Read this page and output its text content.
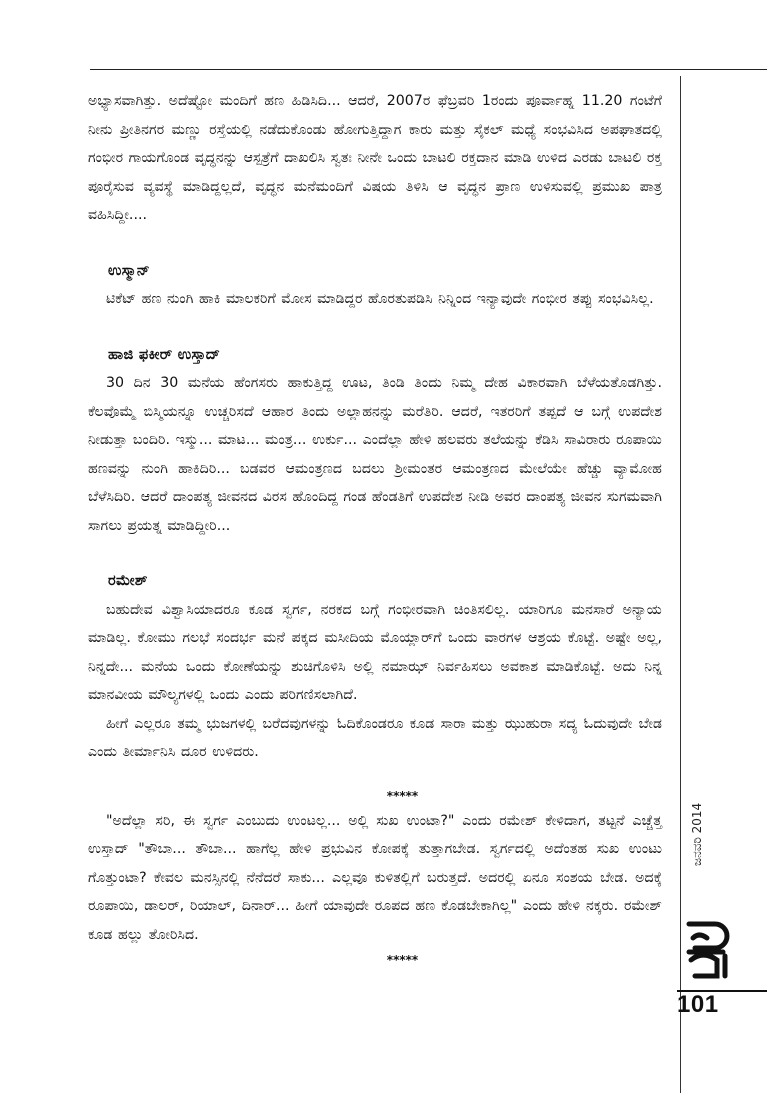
ಅಭ್ಯಾಸವಾಗಿತ್ತು. ಅದೆಷ್ಟೋ ಮಂದಿಗೆ ಹಣ ಹಿಡಿಸಿದಿ... ಆದರೆ, 2007ರ ಫೆಬ್ರವರಿ 1ರಂದು ಪೂರ್ವಾಹ್ನ 11.20 ಗಂಟೆಗೆ ನೀನು ಪ್ರೀತಿನಗರ ಮಣ್ಣು ರಸ್ತೆಯಲ್ಲಿ ನಡೆದುಕೊಂಡು ಹೋಗುತ್ತಿದ್ದಾಗ ಕಾರು ಮತ್ತು ಸೈಕಲ್ ಮಧ್ಯೆ ಸಂಭವಿಸಿದ ಅಪಘಾತದಲ್ಲಿ ಗಂಭೀರ ಗಾಯಗೊಂಡ ವೃದ್ಧನನ್ನು ಆಸ್ಪತ್ರೆಗೆ ದಾಖಲಿಸಿ ಸ್ವತಃ ನೀನೇ ಒಂದು ಬಾಟಲಿ ರಕ್ತದಾನ ಮಾಡಿ ಉಳಿದ ಎರಡು ಬಾಟಲಿ ರಕ್ತ ಪೂರೈಸುವ ವ್ಯವಸ್ಥೆ ಮಾಡಿದ್ದಲ್ಲದೆ, ವೃದ್ಧನ ಮನೆಮಂದಿಗೆ ವಿಷಯ ತಿಳಿಸಿ ಆ ವೃದ್ಧನ ಪ್ರಾಣ ಉಳಿಸುವಲ್ಲಿ ಪ್ರಮುಖ ಪಾತ್ರ ವಹಿಸಿದ್ದೀ....

ಉಸ್ಮಾನ್

ಟಿಕೆಟ್ ಹಣ ನುಂಗಿ ಹಾಕಿ ಮಾಲಕರಿಗೆ ಮೋಸ ಮಾಡಿದ್ದರ ಹೊರತುಪಡಿಸಿ ನಿನ್ನಿಂದ ಇನ್ಯಾವುದೇ ಗಂಭೀರ ತಪ್ಪು ಸಂಭವಿಸಿಲ್ಲ.

ಹಾಜಿ ಫಕೀರ್ ಉಸ್ತಾದ್

30 ದಿನ 30 ಮನೆಯ ಹೆಂಗಸರು ಹಾಕುತ್ತಿದ್ದ ಊಟ, ತಿಂಡಿ ತಿಂದು ನಿಮ್ಮ ದೇಹ ವಿಕಾರವಾಗಿ ಬೆಳೆಯತೊಡಗಿತ್ತು. ಕೆಲವೊಮ್ಮೆ ಬಿಸ್ಮಿಯನ್ನೂ ಉಚ್ಚರಿಸದೆ ಆಹಾರ ತಿಂದು ಅಲ್ಲಾಹನನ್ನು ಮರೆತಿರಿ. ಆದರೆ, ಇತರರಿಗೆ ತಪ್ಪದೆ ಆ ಬಗ್ಗೆ ಉಪದೇಶ ನೀಡುತ್ತಾ ಬಂದಿರಿ. ಇಸ್ಮು... ಮಾಟ... ಮಂತ್ರ... ಉರ್ಕು... ಎಂದೆಲ್ಲಾ ಹೇಳಿ ಹಲವರು ತಲೆಯನ್ನು ಕೆಡಿಸಿ ಸಾವಿರಾರು ರೂಪಾಯಿ ಹಣವನ್ನು ನುಂಗಿ ಹಾಕಿದಿರಿ... ಬಡವರ ಆಮಂತ್ರಣದ ಬದಲು ಶ್ರೀಮಂತರ ಆಮಂತ್ರಣದ ಮೇಲೆಯೇ ಹೆಚ್ಚು ವ್ಯಾಮೋಹ ಬೆಳೆಸಿದಿರಿ. ಆದರೆ ದಾಂಪತ್ಯ ಜೀವನದ ವಿರಸ ಹೊಂದಿದ್ದ ಗಂಡ ಹೆಂಡತಿಗೆ ಉಪದೇಶ ನೀಡಿ ಅವರ ದಾಂಪತ್ಯ ಜೀವನ ಸುಗಮವಾಗಿ ಸಾಗಲು ಪ್ರಯತ್ನ ಮಾಡಿದ್ದೀರಿ...

ರಮೇಶ್

ಬಹುದೇವ ವಿಶ್ವಾಸಿಯಾದರೂ ಕೂಡ ಸ್ವರ್ಗ, ನರಕದ ಬಗ್ಗೆ ಗಂಭೀರವಾಗಿ ಚಿಂತಿಸಲಿಲ್ಲ. ಯಾರಿಗೂ ಮನಸಾರೆ ಅನ್ಯಾಯ ಮಾಡಿಲ್ಲ. ಕೋಮು ಗಲಭೆ ಸಂದರ್ಭ ಮನೆ ಪಕ್ಕದ ಮಸೀದಿಯ ಮೊಯ್ಲಾರ್‌ಗೆ ಒಂದು ವಾರಗಳ ಆಶ್ರಯ ಕೊಟ್ಟೆ. ಅಷ್ಟೇ ಅಲ್ಲ, ನಿನ್ನದೇ... ಮನೆಯ ಒಂದು ಕೋಣೆಯನ್ನು ಶುಚಿಗೊಳಿಸಿ ಅಲ್ಲಿ ನಮಾಝ್ ನಿರ್ವಹಿಸಲು ಅವಕಾಶ ಮಾಡಿಕೊಟ್ಟೆ. ಅದು ನಿನ್ನ ಮಾನವೀಯ ಮೌಲ್ಯಗಳಲ್ಲಿ ಒಂದು ಎಂದು ಪರಿಗಣಿಸಲಾಗಿದೆ.

ಹೀಗೆ ಎಲ್ಲರೂ ತಮ್ಮ ಭುಜಗಳಲ್ಲಿ ಬರೆದವುಗಳನ್ನು ಓದಿಕೊಂಡರೂ ಕೂಡ ಸಾರಾ ಮತ್ತು ಝುಹುರಾ ಸದ್ಯ ಓದುವುದೇ ಬೇಡ ಎಂದು ತೀರ್ಮಾನಿಸಿ ದೂರ ಉಳಿದರು.

*****

"ಅದೆಲ್ಲಾ ಸರಿ, ಈ ಸ್ವರ್ಗ ಎಂಬುದು ಉಂಟಲ್ಲ... ಅಲ್ಲಿ ಸುಖ ಉಂಟಾ?" ಎಂದು ರಮೇಶ್ ಕೇಳಿದಾಗ, ತಟ್ಟನೆ ಎಚ್ಚೆತ್ತ ಉಸ್ತಾದ್ "ತೌಬಾ... ತೌಬಾ... ಹಾಗೆಲ್ಲ ಹೇಳಿ ಪ್ರಭುವಿನ ಕೋಪಕ್ಕೆ ತುತ್ತಾಗಬೇಡ. ಸ್ವರ್ಗದಲ್ಲಿ ಅದೆಂತಹ ಸುಖ ಉಂಟು ಗೊತ್ತುಂಟಾ? ಕೇವಲ ಮನಸ್ಸಿನಲ್ಲಿ ನೆನೆದರೆ ಸಾಕು... ಎಲ್ಲವೂ ಕುಳಿತಲ್ಲಿಗೆ ಬರುತ್ತದೆ. ಅದರಲ್ಲಿ ಏನೂ ಸಂಶಯ ಬೇಡ. ಅದಕ್ಕೆ ರೂಪಾಯಿ, ಡಾಲರ್, ರಿಯಾಲ್, ದಿನಾರ್... ಹೀಗೆ ಯಾವುದೇ ರೂಪದ ಹಣ ಕೊಡಬೇಕಾಗಿಲ್ಲ" ಎಂದು ಹೇಳಿ ನಕ್ಕರು. ರಮೇಶ್ ಕೂಡ ಹಲ್ಲು ತೋರಿಸಿದ.

*****

ಜನವರಿ 2014
ಮಯೂರ
101
